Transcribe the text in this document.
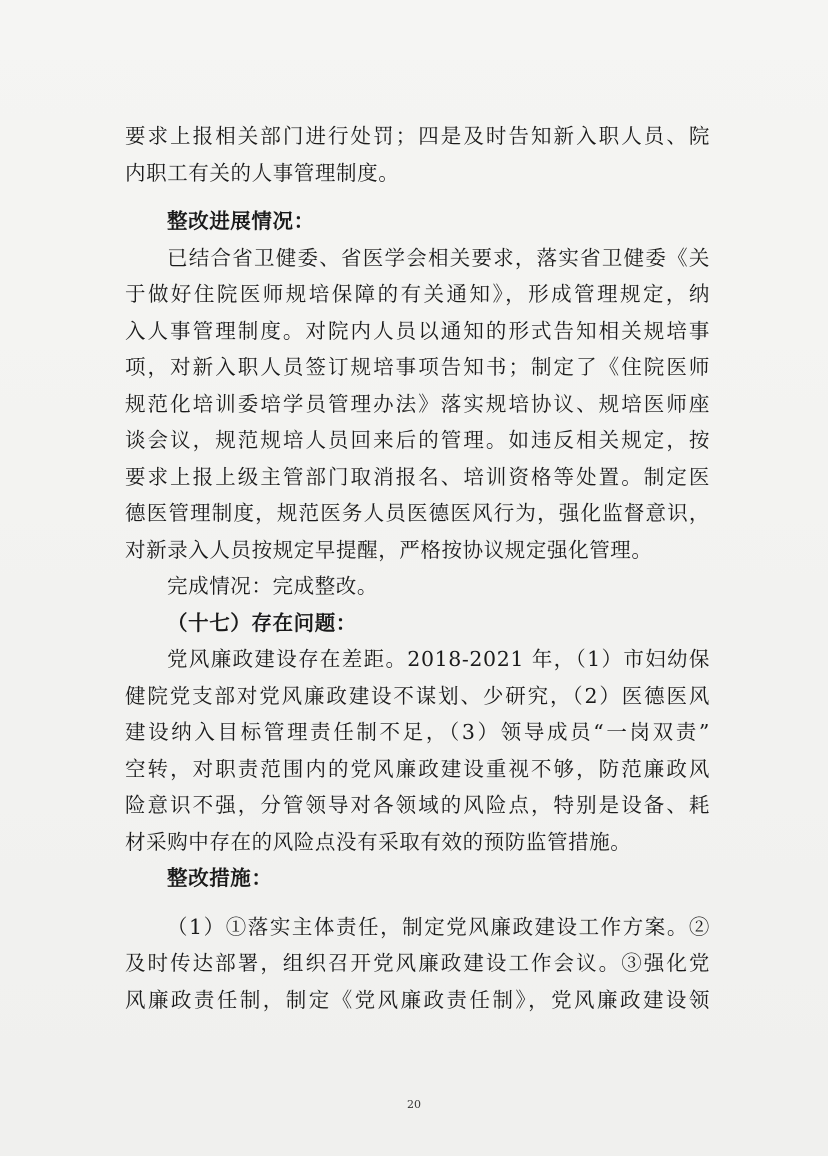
要求上报相关部门进行处罚；四是及时告知新入职人员、院
内职工有关的人事管理制度。
整改进展情况：
已结合省卫健委、省医学会相关要求，落实省卫健委《关
于做好住院医师规培保障的有关通知》，形成管理规定，纳
入人事管理制度。对院内人员以通知的形式告知相关规培事
项，对新入职人员签订规培事项告知书；制定了《住院医师
规范化培训委培学员管理办法》落实规培协议、规培医师座
谈会议，规范规培人员回来后的管理。如违反相关规定，按
要求上报上级主管部门取消报名、培训资格等处置。制定医
德医管理制度，规范医务人员医德医风行为，强化监督意识，
对新录入人员按规定早提醒，严格按协议规定强化管理。
完成情况：完成整改。
（十七）存在问题：
党风廉政建设存在差距。2018-2021 年，（1）市妇幼保
健院党支部对党风廉政建设不谋划、少研究，（2）医德医风
建设纳入目标管理责任制不足，（3）领导成员“一岗双责”
空转，对职责范围内的党风廉政建设重视不够，防范廉政风
险意识不强，分管领导对各领域的风险点，特别是设备、耗
材采购中存在的风险点没有采取有效的预防监管措施。
整改措施：
（1）①落实主体责任，制定党风廉政建设工作方案。②
及时传达部署，组织召开党风廉政建设工作会议。③强化党
风廉政责任制，制定《党风廉政责任制》，党风廉政建设领
20
